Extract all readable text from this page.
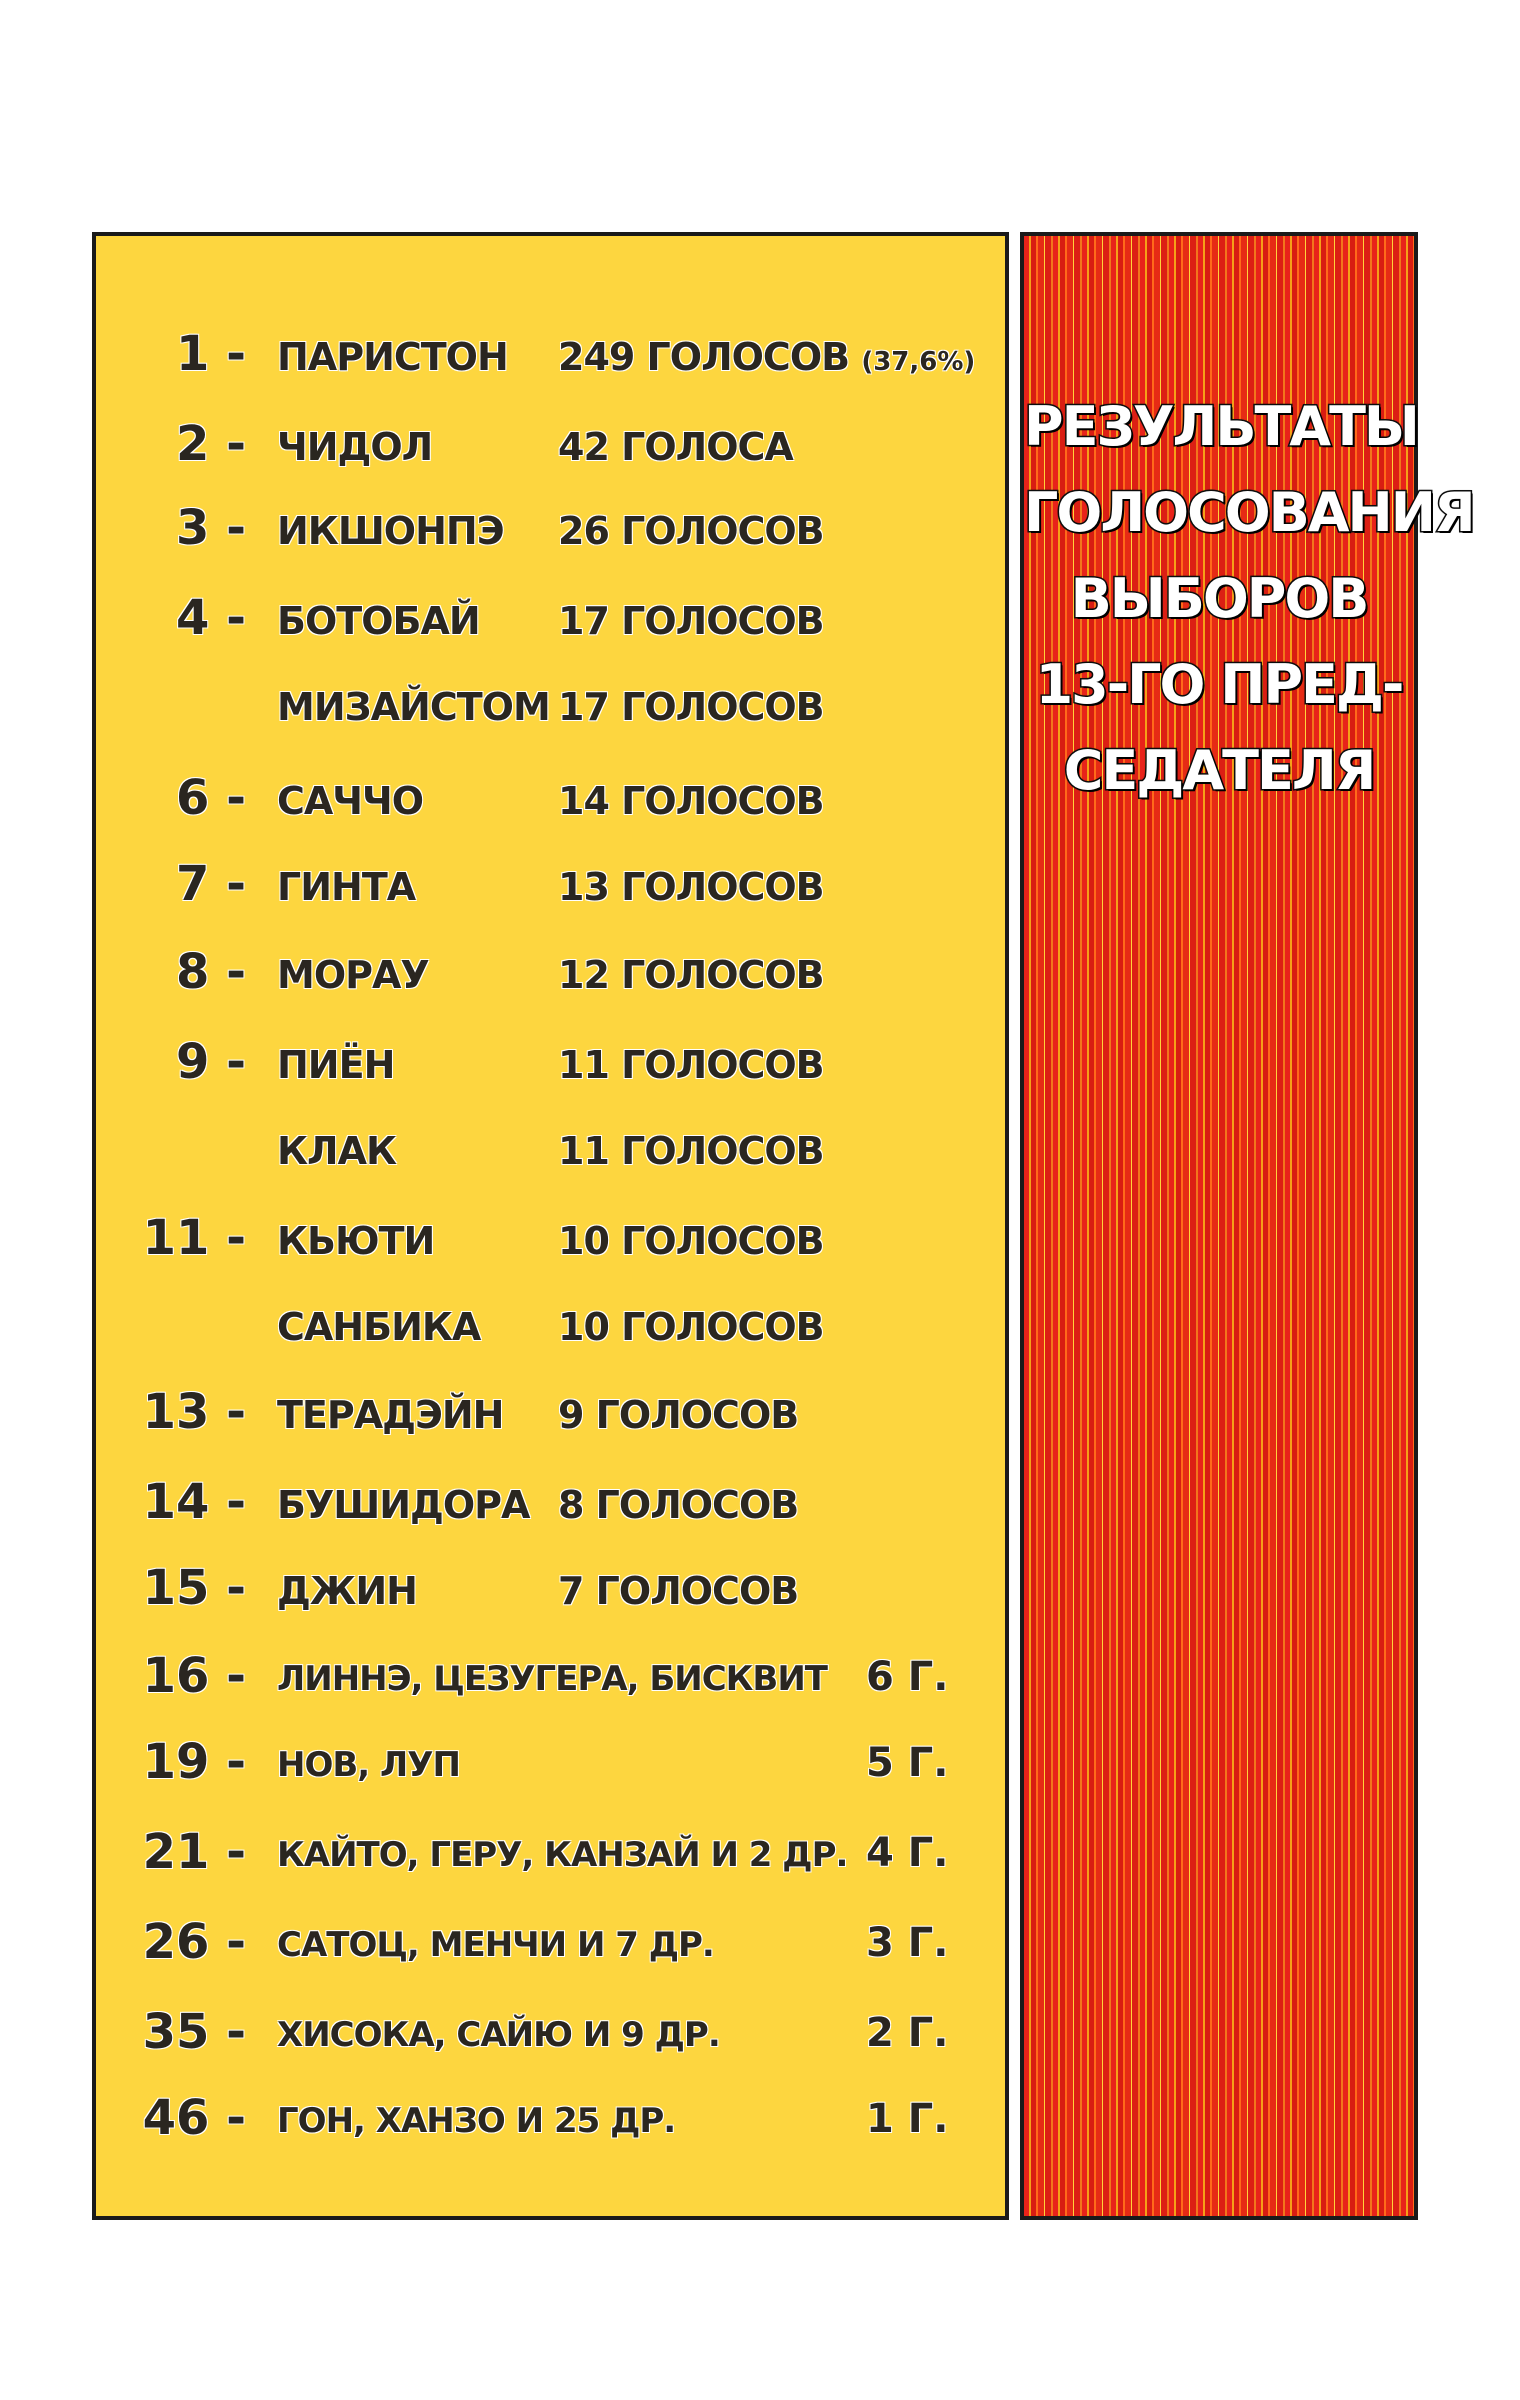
1 - ПАРИСТОН 249 ГОЛОСОВ (37,6%)
2 - ЧИДОЛ	42 ГОЛОСА
3 - ИКШОНПЭ 26 ГОЛОСОВ
4 - БОТОБАЙ 17 ГОЛОСОВ
МИЗАЙСТОМ 17 ГОЛОСОВ
6 - САЧЧО	14 ГОЛОСОВ
7 - ГИНТА	13 ГОЛОСОВ
8 - МОРАУ	12 ГОЛОСОВ
9 - ПИЁН	11 ГОЛОСОВ
КЛАК	11 ГОЛОСОВ
11 - КЬЮТИ	10 ГОЛОСОВ
САНБИКА 10 ГОЛОСОВ
13 - ТЕРАДЭЙН 9 ГОЛОСОВ
14 - БУШИДОРА 8 ГОЛОСОВ
15 - ДЖИН	7 ГОЛОСОВ
16 - ЛИННЭ, ЦЕЗУГЕРА, БИСКВИТ 6 Г.
19 - НОВ, ЛУП	5 Г.
21 - КАЙТО, ГЕРУ, КАНЗАЙ И 2 ДР. 4 Г.
26 - САТОЦ, МЕНЧИ И 7 ДР.	3 Г.
35 - ХИСОКА, САЙЮ И 9 ДР.	2 Г.
46 - ГОН, ХАНЗО И 25 ДР.	1 Г.
РЕЗУЛЬТАТЫ
ГОЛОСОВАНИЯ
ВЫБОРОВ
13-ГО ПРЕД-
СЕДАТЕЛЯ
